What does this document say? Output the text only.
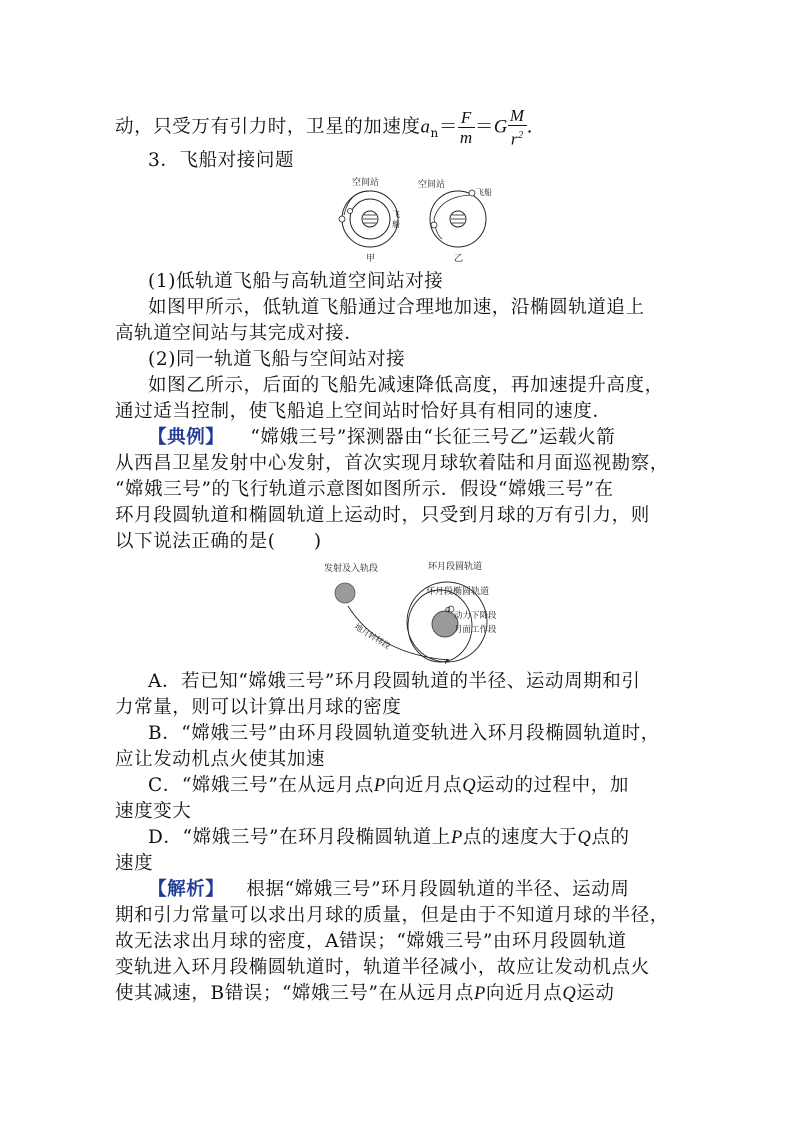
动，只受万有引力时，卫星的加速度$a_n= \frac{F}{m} =G \frac{M}{r^2}$ .
3．飞船对接问题
空间站
飞船
甲
空间站
飞船
乙
(1)低轨道飞船与高轨道空间站对接
如图甲所示，低轨道飞船通过合理地加速，沿椭圆轨道追上
高轨道空间站与其完成对接．
(2)同一轨道飞船与空间站对接
如图乙所示，后面的飞船先减速降低高度，再加速提升高度，
通过适当控制，使飞船追上空间站时恰好具有相同的速度．
【典例】 “嫦娥三号”探测器由“长征三号乙”运载火箭
从西昌卫星发射中心发射，首次实现月球软着陆和月面巡视勘察，
“嫦娥三号”的飞行轨道示意图如图所示．假设“嫦娥三号”在
环月段圆轨道和椭圆轨道上运动时，只受到月球的万有引力，则
以下说法正确的是(　　)
发射及入轨段
地月转移段
环月段圆轨道
环月段椭圆轨道
动力下降段
月面工作段
Q
P
A．若已知“嫦娥三号”环月段圆轨道的半径、运动周期和引
力常量，则可以计算出月球的密度
B．“嫦娥三号”由环月段圆轨道变轨进入环月段椭圆轨道时，
应让发动机点火使其加速
C．“嫦娥三号”在从远月点P向近月点Q运动的过程中，加
速度变大
D．“嫦娥三号”在环月段椭圆轨道上P点的速度大于Q点的
速度
【解析】 根据“嫦娥三号”环月段圆轨道的半径、运动周
期和引力常量可以求出月球的质量，但是由于不知道月球的半径，
故无法求出月球的密度，A错误；“嫦娥三号”由环月段圆轨道
变轨进入环月段椭圆轨道时，轨道半径减小，故应让发动机点火
使其减速，B错误；“嫦娥三号”在从远月点P向近月点Q运动
